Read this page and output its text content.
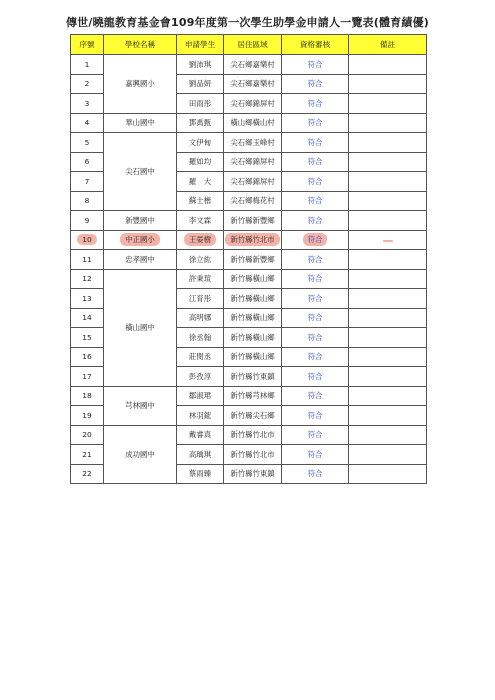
傳世/曉龍教育基金會109年度第一次學生助學金申請人一覽表(體育績優)
序號	學校名稱	申請學生	居住區域	資格審核	備註
1	嘉興國小	劉沛琪	尖石鄉嘉樂村	符合	
2		劉品妍	尖石鄉嘉樂村	符合	
3		田雨彤	尖石鄉錦屏村	符合	
4	華山國中	鄧禹甄	橫山鄉橫山村	符合	
5	尖石國中	文伊甸	尖石鄉玉峰村	符合	
6		羅如均	尖石鄉錦屏村	符合	
7		羅　大	尖石鄉錦屏村	符合	
8		蘇士楷	尖石鄉梅花村	符合	
9	新豐國中	李文霖	新竹縣新豐鄉	符合	
10	中正國小	王晏樹	新竹縣竹北市	符合	
11	忠孝國中	徐立紘	新竹縣新豐鄉	符合	
12	橫山國中	許秉瑄	新竹縣橫山鄉	符合	
13		江育彤	新竹縣橫山鄉	符合	
14		高明娜	新竹縣橫山鄉	符合	
15		徐丞翰	新竹縣橫山鄉	符合	
16		莊閔丞	新竹縣橫山鄉	符合	
17		彭孜淳	新竹縣竹東鎮	符合	
18	芎林國中	鄒淑珺	新竹縣芎林鄉	符合	
19		林羽鋐	新竹縣尖石鄉	符合	
20	成功國中	戴睿真	新竹縣竹北市	符合	
21		高瑀琪	新竹縣竹北市	符合	
22		蔡雨臻	新竹縣竹東鎮	符合	
